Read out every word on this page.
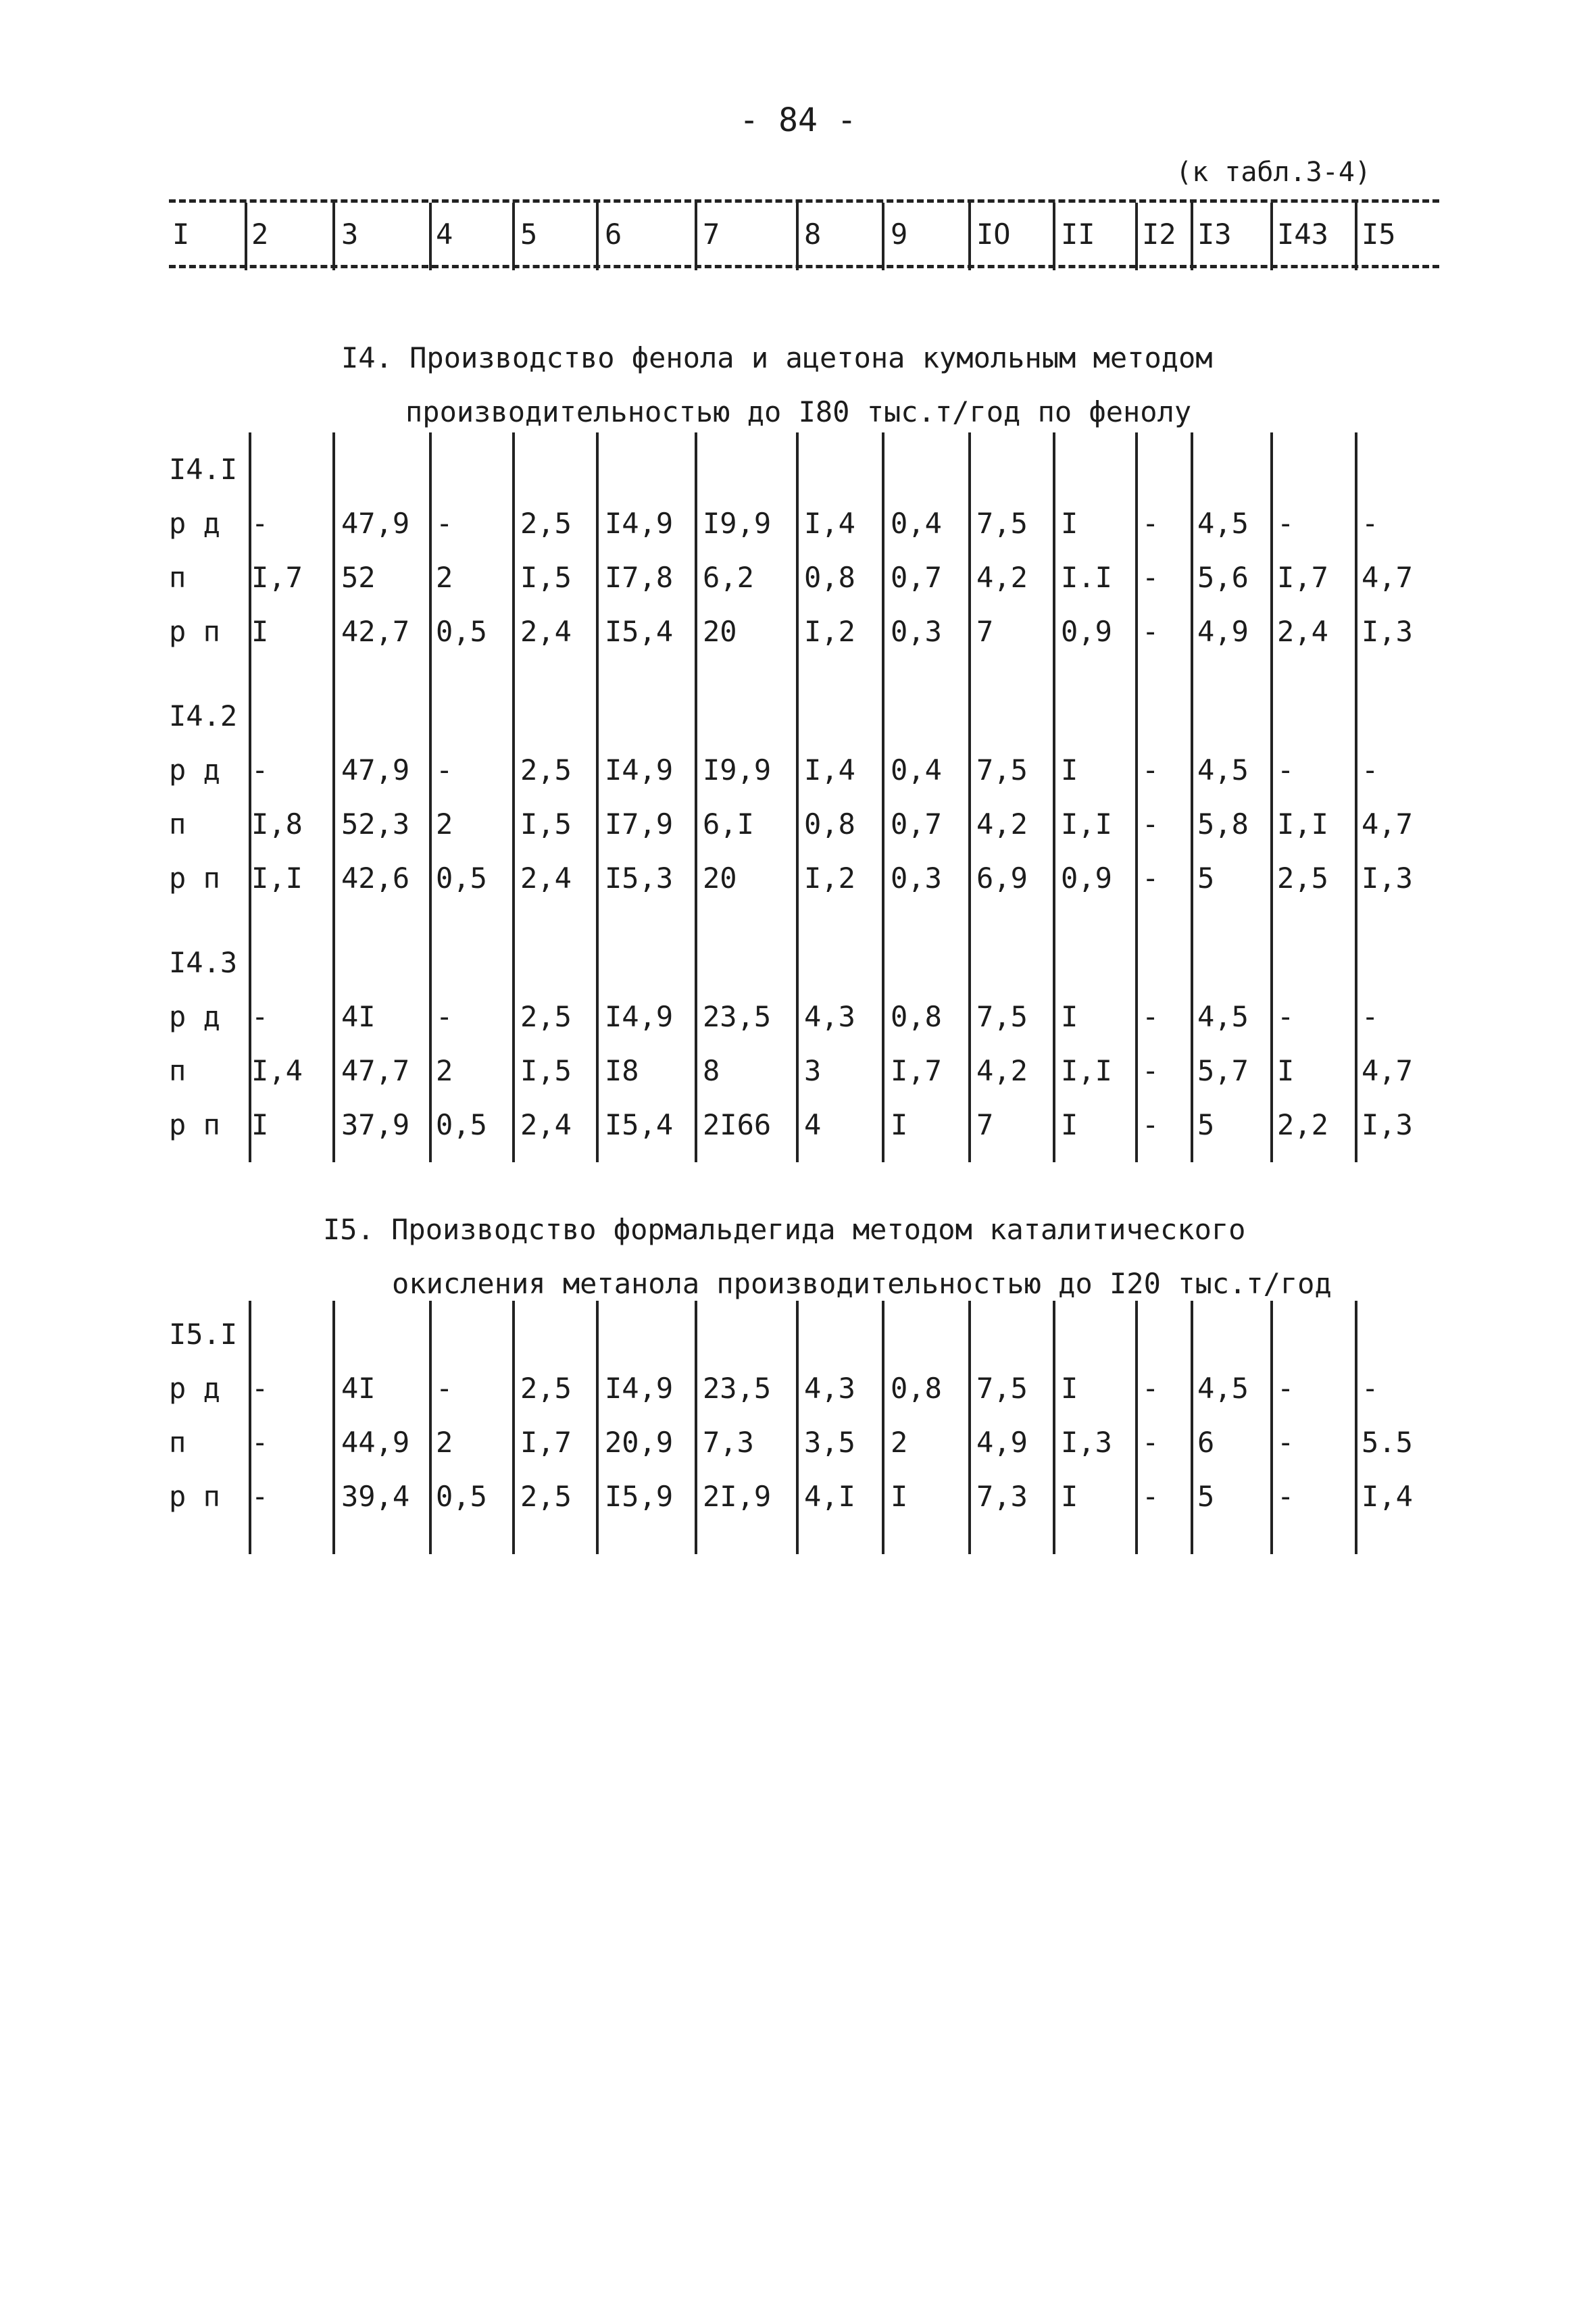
- 84 -
(к табл.3-4)
I 2	3	4 5 6	7	8 9 IO II I2 I3 I43 I5
I4. Производство фенола и ацетона кумольным методом
производительностью до I80 тыс.т/год по фенолу
I5. Производство формальдегида методом каталитического
окисления метанола производительностью до I20 тыс.т/год
I4.I
р д -	47,9 - 2,5 I4,9 I9,9 I,4 0,4 7,5 I - 4,5 - -
п I,7 52 2 I,5 I7,8 6,2 0,8 0,7 4,2 I.I - 5,6 I,7 4,7
р п I	42,7 0,5 2,4 I5,4 20 I,2 0,3 7 0,9 - 4,9 2,4 I,3
I4.2
р д -	47,9 - 2,5 I4,9 I9,9 I,4 0,4 7,5 I - 4,5 - -
п I,8 52,3 2 I,5 I7,9 6,I 0,8 0,7 4,2 I,I - 5,8 I,I 4,7
р п I,I 42,6 0,5 2,4 I5,3 20 I,2 0,3 6,9 0,9 - 5 2,5 I,3
I4.3
р д -	4I - 2,5 I4,9 23,5 4,3 0,8 7,5 I - 4,5 - -
п I,4 47,7 2 I,5 I8 8	3 I,7 4,2 I,I - 5,7 I 4,7
р п I	37,9 0,5 2,4 I5,4 2I66 4 I 7 I - 5 2,2 I,3
I5.I
р д -	4I - 2,5 I4,9 23,5 4,3 0,8 7,5 I - 4,5 - -
п -	44,9 2 I,7 20,9 7,3 3,5 2 4,9 I,3 - 6 - 5.5
р п -	39,4 0,5 2,5 I5,9 2I,9 4,I I 7,3 I - 5 - I,4
